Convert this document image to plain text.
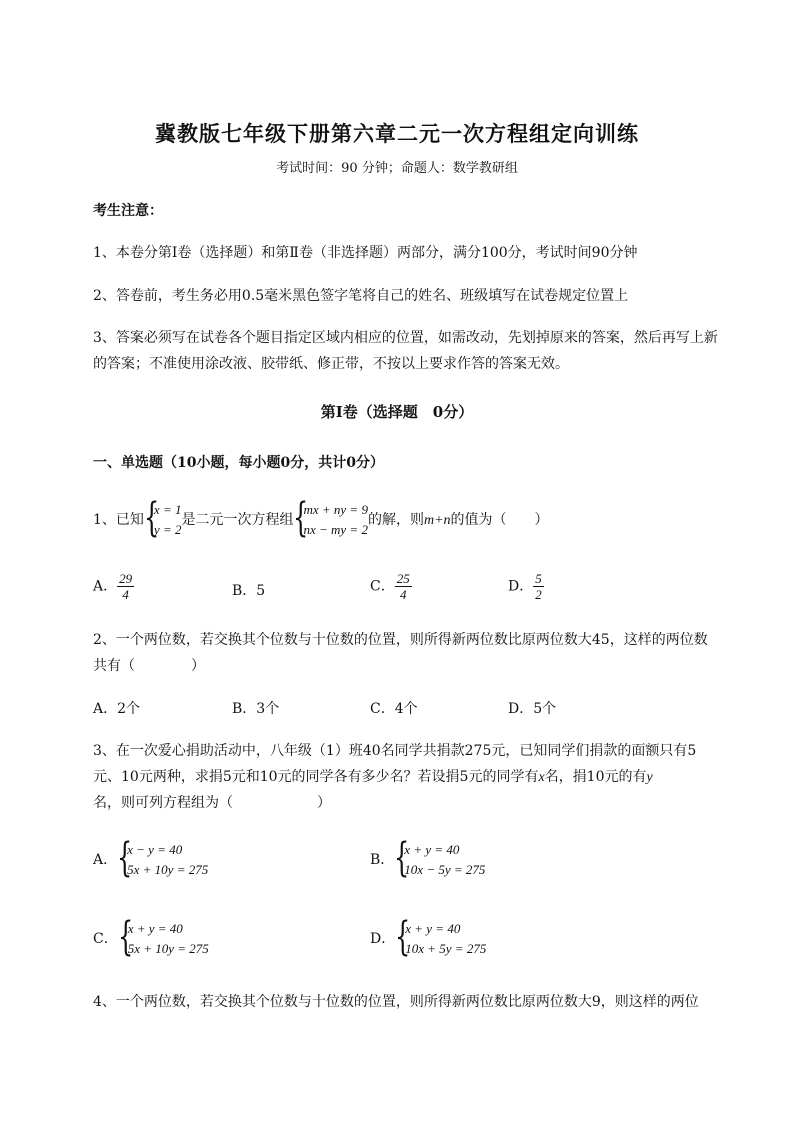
冀教版七年级下册第六章二元一次方程组定向训练
考试时间：90 分钟；命题人：数学教研组
考生注意：
1、本卷分第Ⅰ卷（选择题）和第Ⅱ卷（非选择题）两部分，满分100分，考试时间90分钟
2、答卷前，考生务必用0.5毫米黑色签字笔将自己的姓名、班级填写在试卷规定位置上
3、答案必须写在试卷各个题目指定区域内相应的位置，如需改动，先划掉原来的答案，然后再写上新
的答案；不准使用涂改液、胶带纸、修正带，不按以上要求作答的答案无效。
第Ⅰ卷（选择题　0分）
一、单选题（10小题，每小题0分，共计0分）
1、已知 {
x = 1
y = 2
是二元一次方程组 {
mx + ny = 9
nx − my = 2
的解，则m+n的值为（　　）
A． $\frac{29}{4}$	B．5	C． $\frac{25}{4}$	D． $\frac{5}{2}$
2、一个两位数，若交换其个位数与十位数的位置，则所得新两位数比原两位数大45，这样的两位数
共有（　　　　）
A．2个	B．3个	C．4个	D．5个
3、在一次爱心捐助活动中，八年级（1）班40名同学共捐款275元，已知同学们捐款的面额只有5
元、10元两种，求捐5元和10元的同学各有多少名？若设捐5元的同学有x名，捐10元的有y
名，则可列方程组为（　　　　　　）
A． {
x − y = 40
5x + 10y = 275
B． {
x + y = 40
10x − 5y = 275
C． {
x + y = 40
5x + 10y = 275
D． {
x + y = 40
10x + 5y = 275
4、一个两位数，若交换其个位数与十位数的位置，则所得新两位数比原两位数大9，则这样的两位
